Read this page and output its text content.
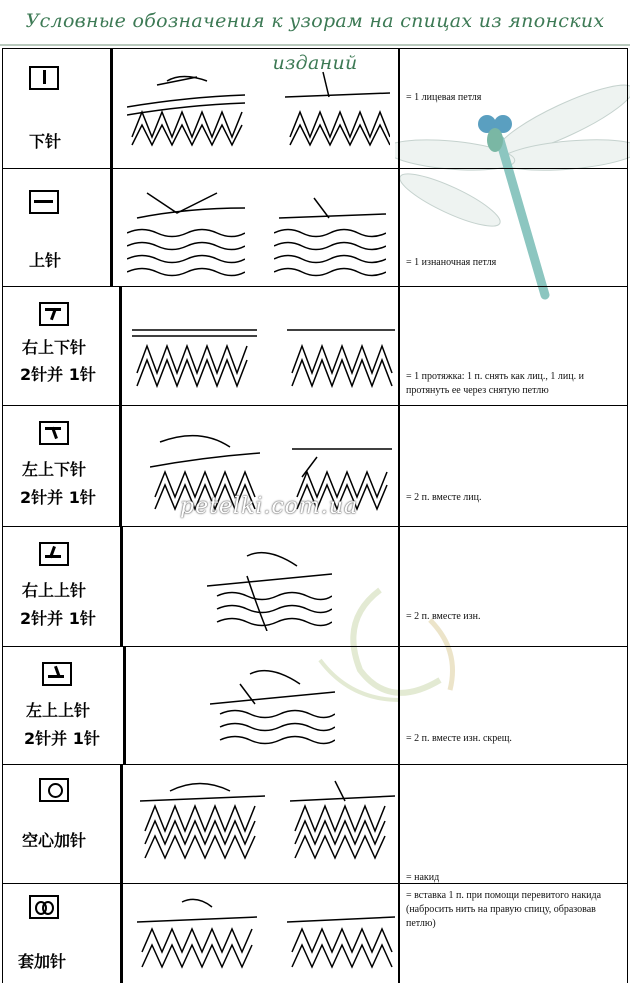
Условные обозначения к узорам на спицах из японских изданий
下针
= 1 лицевая петля
上针	= 1 изнаночная петля
右上下针
2针并 1针	= 1 протяжка: 1 п. снять как лиц., 1 лиц. и протянуть ее через снятую петлю
左上下针
2针并 1针	= 2 п. вместе лиц.
右上上针
2针并 1针	= 2 п. вместе изн.
左上上针
2针并 1针	= 2 п. вместе изн. скрещ.
空心加针
= накид
套加针
= вставка 1 п. при помощи перевитого накида (набросить нить на правую спицу, образовав петлю)
petelki.com.ua
